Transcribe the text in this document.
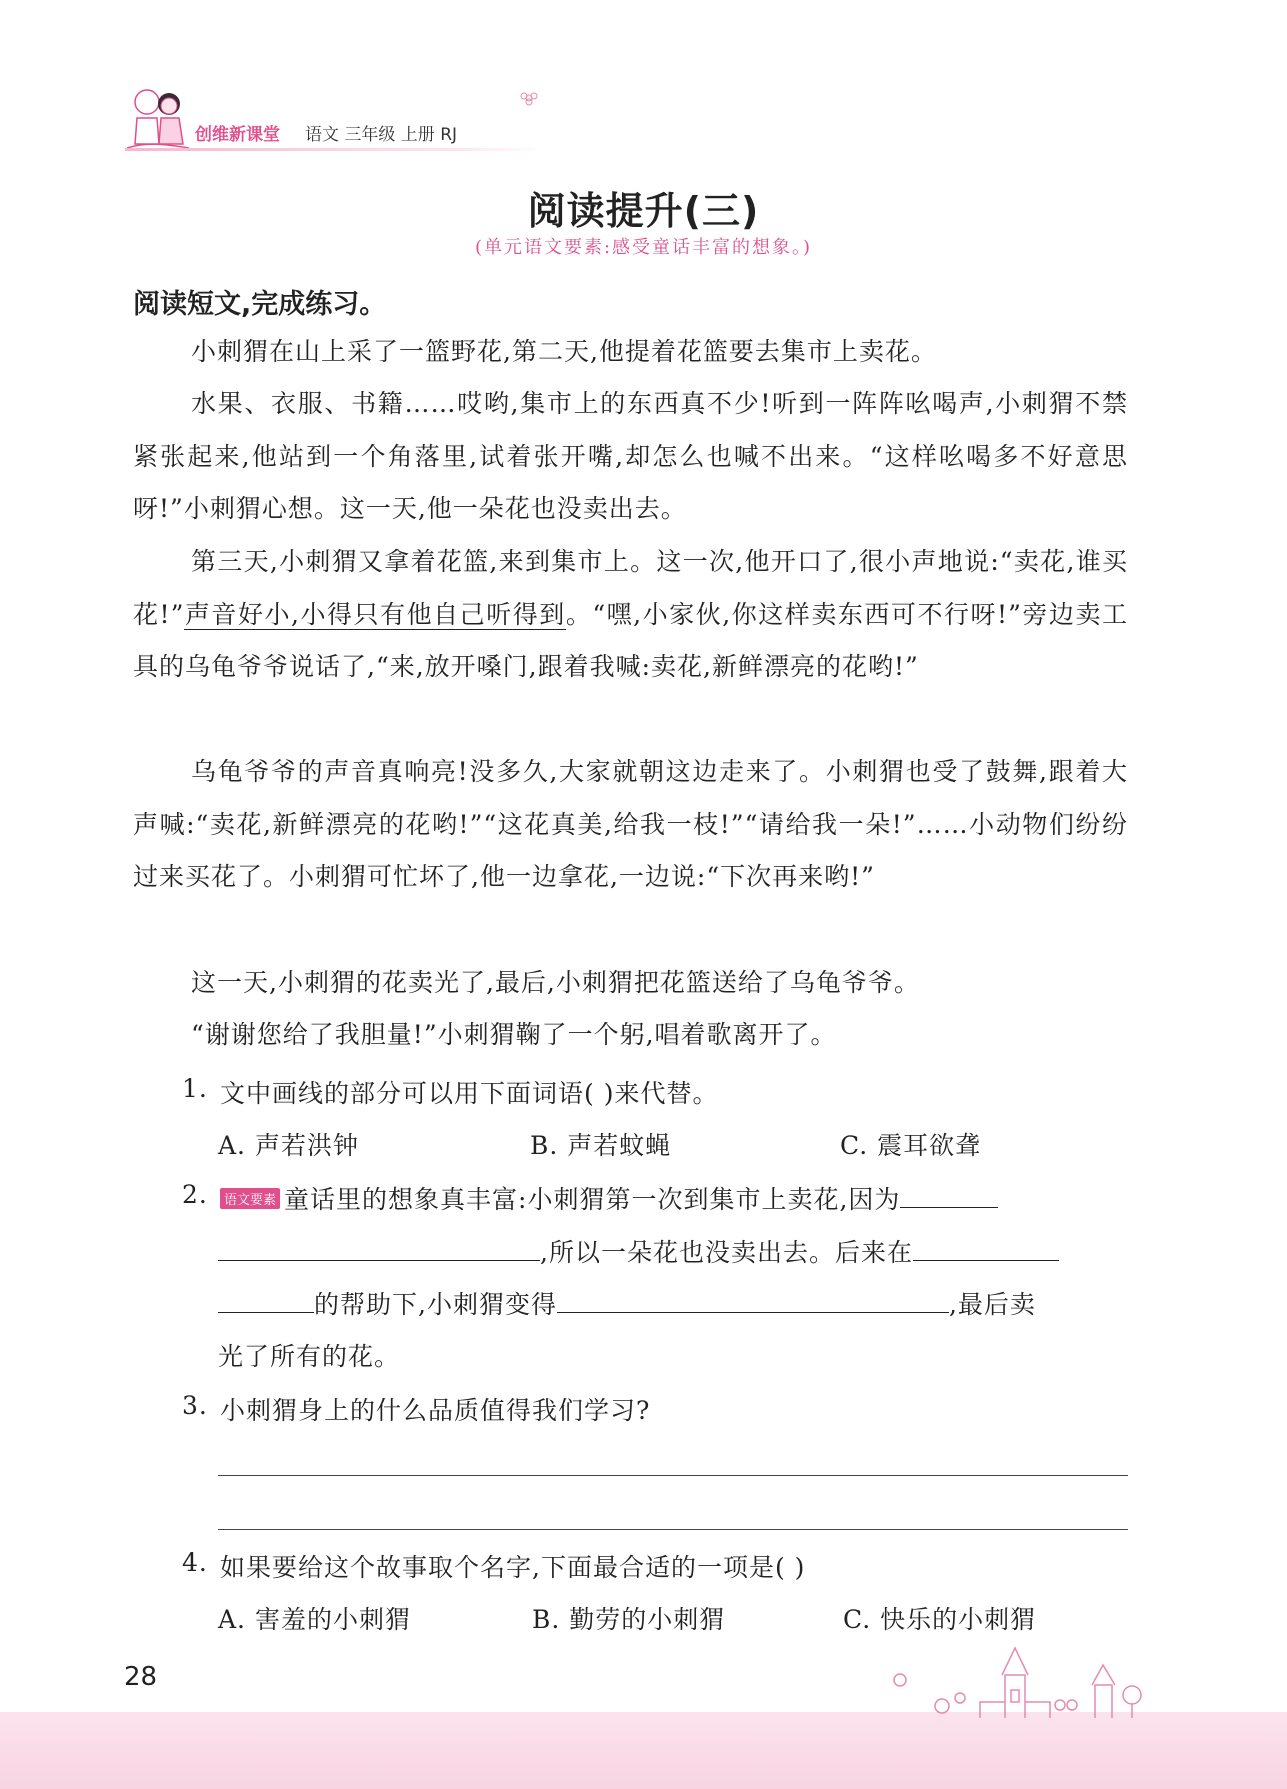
创维新课堂 语文 三年级 上册 RJ
阅读提升(三)
(单元语文要素:感受童话丰富的想象。)
阅读短文,完成练习。
小刺猬在山上采了一篮野花,第二天,他提着花篮要去集市上卖花。
水果、衣服、书籍……哎哟,集市上的东西真不少!听到一阵阵吆喝声,小刺猬不禁紧张起来,他站到一个角落里,试着张开嘴,却怎么也喊不出来。“这样吆喝多不好意思呀!”小刺猬心想。这一天,他一朵花也没卖出去。
第三天,小刺猬又拿着花篮,来到集市上。这一次,他开口了,很小声地说:“卖花,谁买花!”声音好小,小得只有他自己听得到。“嘿,小家伙,你这样卖东西可不行呀!”旁边卖工具的乌龟爷爷说话了,“来,放开嗓门,跟着我喊:卖花,新鲜漂亮的花哟!”
乌龟爷爷的声音真响亮!没多久,大家就朝这边走来了。小刺猬也受了鼓舞,跟着大声喊:“卖花,新鲜漂亮的花哟!”“这花真美,给我一枝!”“请给我一朵!”……小动物们纷纷过来买花了。小刺猬可忙坏了,他一边拿花,一边说:“下次再来哟!”
这一天,小刺猬的花卖光了,最后,小刺猬把花篮送给了乌龟爷爷。
“谢谢您给了我胆量!”小刺猬鞠了一个躬,唱着歌离开了。
1. 文中画线的部分可以用下面词语( )来代替。
A. 声若洪钟	B. 声若蚊蝇	C. 震耳欲聋
2.	语文要素 童话里的想象真丰富:小刺猬第一次到集市上卖花,因为
,所以一朵花也没卖出去。后来在
的帮助下,小刺猬变得	,最后卖
光了所有的花。
3. 小刺猬身上的什么品质值得我们学习?
4. 如果要给这个故事取个名字,下面最合适的一项是( )
A. 害羞的小刺猬	B. 勤劳的小刺猬	C. 快乐的小刺猬
28
